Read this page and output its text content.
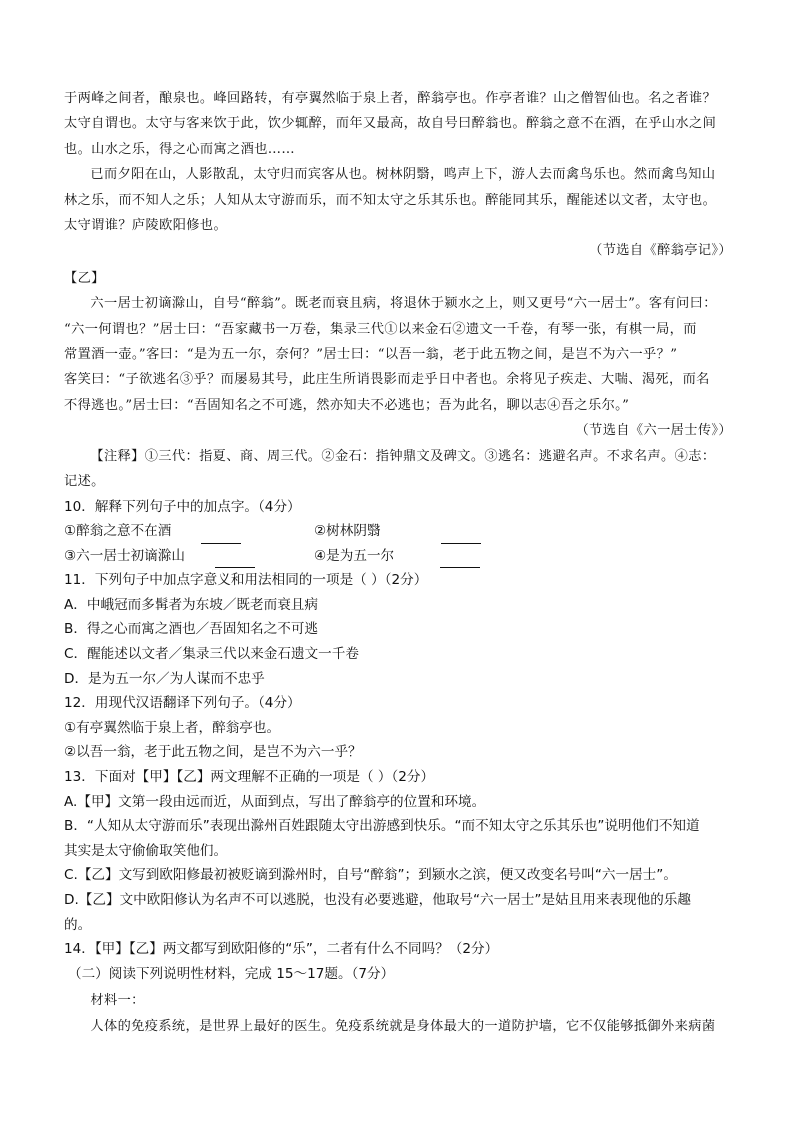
于两峰之间者，酿泉也。峰回路转，有亭翼然临于泉上者，醉翁亭也。作亭者谁？山之僧智仙也。名之者谁？

太守自谓也。太守与客来饮于此，饮少辄醉，而年又最高，故自号曰醉翁也。醉翁之意不在酒，在乎山水之间

也。山水之乐，得之心而寓之酒也……

已而夕阳在山，人影散乱，太守归而宾客从也。树林阴翳，鸣声上下，游人去而禽鸟乐也。然而禽鸟知山

林之乐，而不知人之乐；人知从太守游而乐，而不知太守之乐其乐也。醉能同其乐，醒能述以文者，太守也。

太守谓谁？庐陵欧阳修也。

（节选自《醉翁亭记》）

【乙】

六一居士初谪滁山，自号“醉翁”。既老而衰且病，将退休于颍水之上，则又更号“六一居士”。客有问曰：

“六一何谓也？”居士曰：“吾家藏书一万卷，集录三代①以来金石②遗文一千卷，有琴一张，有棋一局，而

常置酒一壶。”客曰：“是为五一尔，奈何？”居士曰：“以吾一翁，老于此五物之间，是岂不为六一乎？”

客笑曰：“子欲逃名③乎？而屡易其号，此庄生所诮畏影而走乎日中者也。余将见子疾走、大喘、渴死，而名

不得逃也。”居士曰：“吾固知名之不可逃，然亦知夫不必逃也；吾为此名，聊以志④吾之乐尔。”

（节选自《六一居士传》）

【注释】①三代：指夏、商、周三代。②金石：指钟鼎文及碑文。③逃名：逃避名声。不求名声。④志：

记述。

10．解释下列句子中的加点字。（4分）

①醉翁之意不在酒	②树林阴翳
③六一居士初谪滁山	④是为五一尔

11．下列句子中加点字意义和用法相同的一项是（ ）（2分）

A．中峨冠而多髯者为东坡／既老而衰且病

B．得之心而寓之酒也／吾固知名之不可逃

C．醒能述以文者／集录三代以来金石遗文一千卷

D．是为五一尔／为人谋而不忠乎

12．用现代汉语翻译下列句子。（4分）

①有亭翼然临于泉上者，醉翁亭也。

②以吾一翁，老于此五物之间，是岂不为六一乎？

13．下面对【甲】【乙】两文理解不正确的一项是（ ）（2分）

A.【甲】文第一段由远而近，从面到点，写出了醉翁亭的位置和环境。

B．“人知从太守游而乐”表现出滁州百姓跟随太守出游感到快乐。“而不知太守之乐其乐也”说明他们不知道

其实是太守偷偷取笑他们。

C.【乙】文写到欧阳修最初被贬谪到滁州时，自号“醉翁”；到颍水之滨，便又改变名号叫“六一居士”。

D.【乙】文中欧阳修认为名声不可以逃脱，也没有必要逃避，他取号“六一居士”是姑且用来表现他的乐趣

的。

14．【甲】【乙】两文都写到欧阳修的“乐”，二者有什么不同吗？（2分）

（二）阅读下列说明性材料，完成 15～17题。（7分）

材料一：

人体的免疫系统，是世界上最好的医生。免疫系统就是身体最大的一道防护墙，它不仅能够抵御外来病菌
